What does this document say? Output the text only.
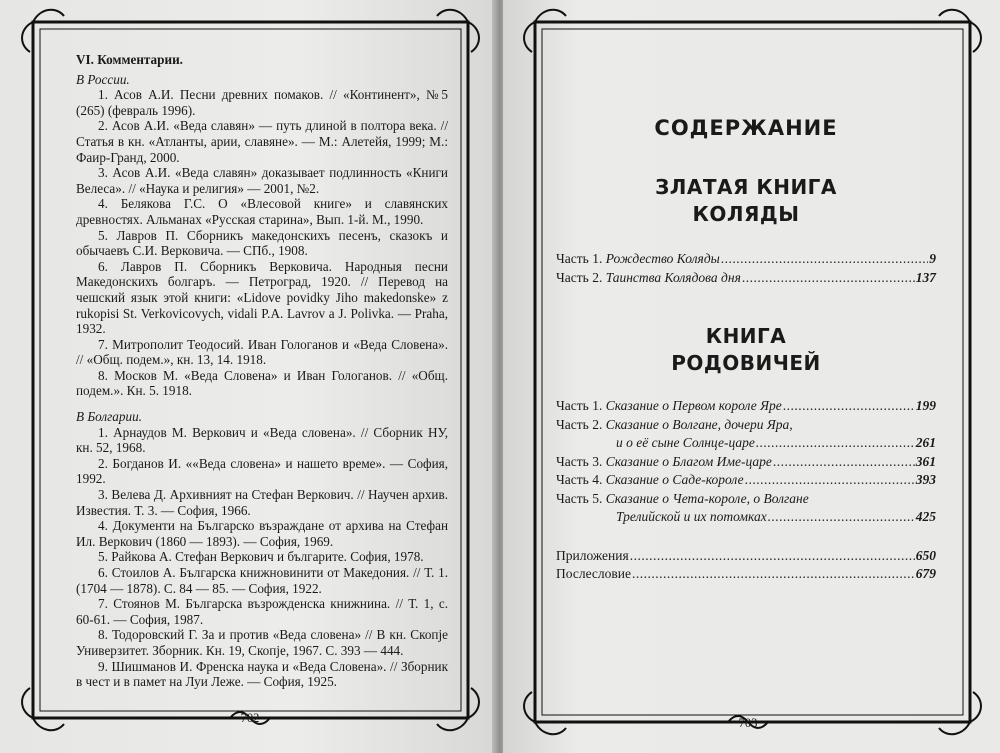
VI. Комментарии.
В России.
1. Асов А.И. Песни древних помаков. // «Континент», №5 (265) (февраль 1996).
2. Асов А.И. «Веда славян» — путь длиной в полтора века. // Статья в кн. «Атланты, арии, славяне». — М.: Алетейя, 1999; М.: Фаир-Гранд, 2000.
3. Асов А.И. «Веда славян» доказывает подлинность «Книги Велеса». // «Наука и религия» — 2001, №2.
4. Белякова Г.С. О «Влесовой книге» и славянских древностях. Альманах «Русская старина», Вып. 1-й. М., 1990.
5. Лавров П. Сборникъ македонскихъ песенъ, сказокъ и обычаевъ С.И. Верковича. — СПб., 1908.
6. Лавров П. Сборникъ Верковича. Народныя песни Македонскихъ болгаръ. — Петроград, 1920. // Перевод на чешский язык этой книги: «Lidove povidky Jiho makedonske» z rukopisi St. Verkovicovych, vidali P.A. Lavrov a J. Polivka. — Praha, 1932.
7. Митрополит Теодосий. Иван Гологанов и «Веда Словена». // «Общ. подем.», кн. 13, 14. 1918.
8. Москов М. «Веда Словена» и Иван Гологанов. // «Общ. подем.». Кн. 5. 1918.
В Болгарии.
1. Арнаудов М. Веркович и «Веда словена». // Сборник НУ, кн. 52, 1968.
2. Богданов И. ««Веда словена» и нашето време». — София, 1992.
3. Велева Д. Архивният на Стефан Веркович. // Научен архив. Известия. Т. 3. — София, 1966.
4. Документи на Българско възраждане от архива на Стефан Ил. Веркович (1860 — 1893). — София, 1969.
5. Райкова А. Стефан Веркович и българите. София, 1978.
6. Стоилов А. Българска книжновинити от Македония. // Т. 1. (1704 — 1878). С. 84 — 85. — София, 1922.
7. Стоянов М. Българска възрожденска книжнина. // Т. 1, с. 60-61. — София, 1987.
8. Тодоровский Г. За и против «Веда словена» // В кн. Скопје Универзитет. Зборник. Кн. 19, Скопје, 1967. С. 393 — 444.
9. Шишманов И. Френска наука и «Веда Словена». // Зборник в чест и в памет на Луи Леже. — София, 1925.
702	703
СОДЕРЖАНИЕ
ЗЛАТАЯ КНИГА
КОЛЯДЫ
Часть 1. Рождество Коляды .....	9
Часть 2. Таинства Колядова дня .....	137
КНИГА
РОДОВИЧЕЙ
Часть 1. Сказание о Первом короле Яре .....	199
Часть 2. Сказание о Волгане, дочери Яра,
и о её сыне Солнце-царе .....	261
Часть 3. Сказание о Благом Име-царе .....	361
Часть 4. Сказание о Саде-короле .....	393
Часть 5. Сказание о Чета-короле, о Волгане
Трелийской и их потомках .....	425
Приложения .....	650
Послесловие .....	679
